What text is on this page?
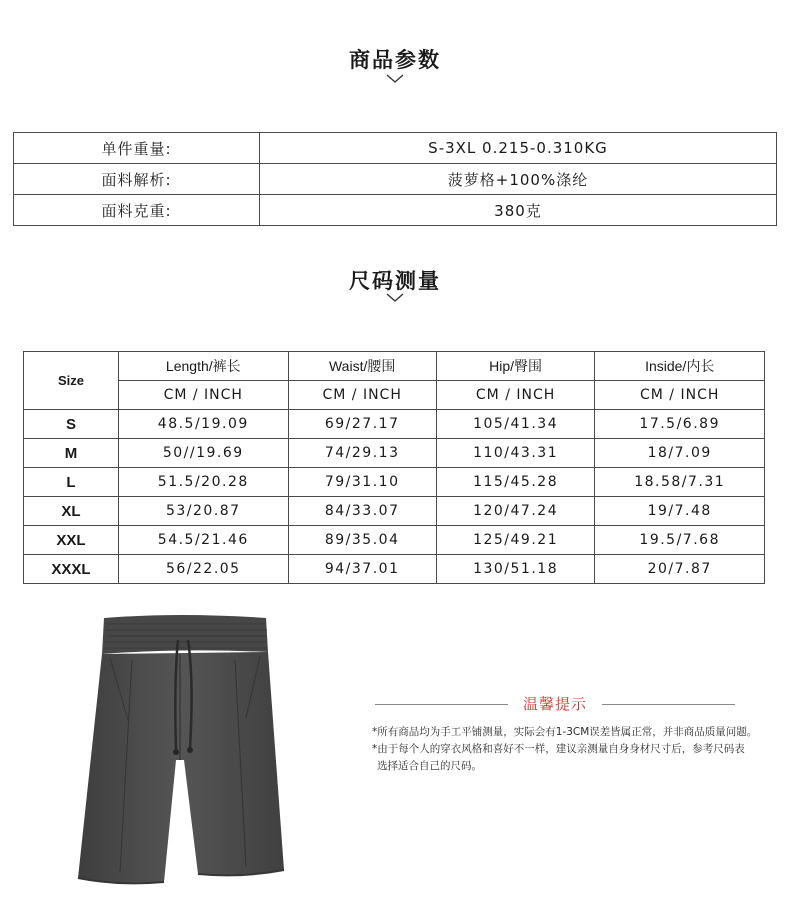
商品参数
单件重量:	S-3XL 0.215-0.310KG
面料解析:	菠萝格+100%涤纶
面料克重:	380克
尺码测量
Size	Length/裤长	Waist/腰围	Hip/臀围	Inside/内长
	CM / INCH	CM / INCH	CM / INCH	CM / INCH
S	48.5/19.09	69/27.17	105/41.34	17.5/6.89
M	50//19.69	74/29.13	110/43.31	18/7.09
L	51.5/20.28	79/31.10	115/45.28	18.58/7.31
XL	53/20.87	84/33.07	120/47.24	19/7.48
XXL	54.5/21.46	89/35.04	125/49.21	19.5/7.68
XXXL	56/22.05	94/37.01	130/51.18	20/7.87
温馨提示

*所有商品均为手工平铺测量，实际会有1-3CM误差皆属正常，并非商品质量问题。

*由于每个人的穿衣风格和喜好不一样，建议亲测量自身身材尺寸后，参考尺码表

选择适合自己的尺码。
